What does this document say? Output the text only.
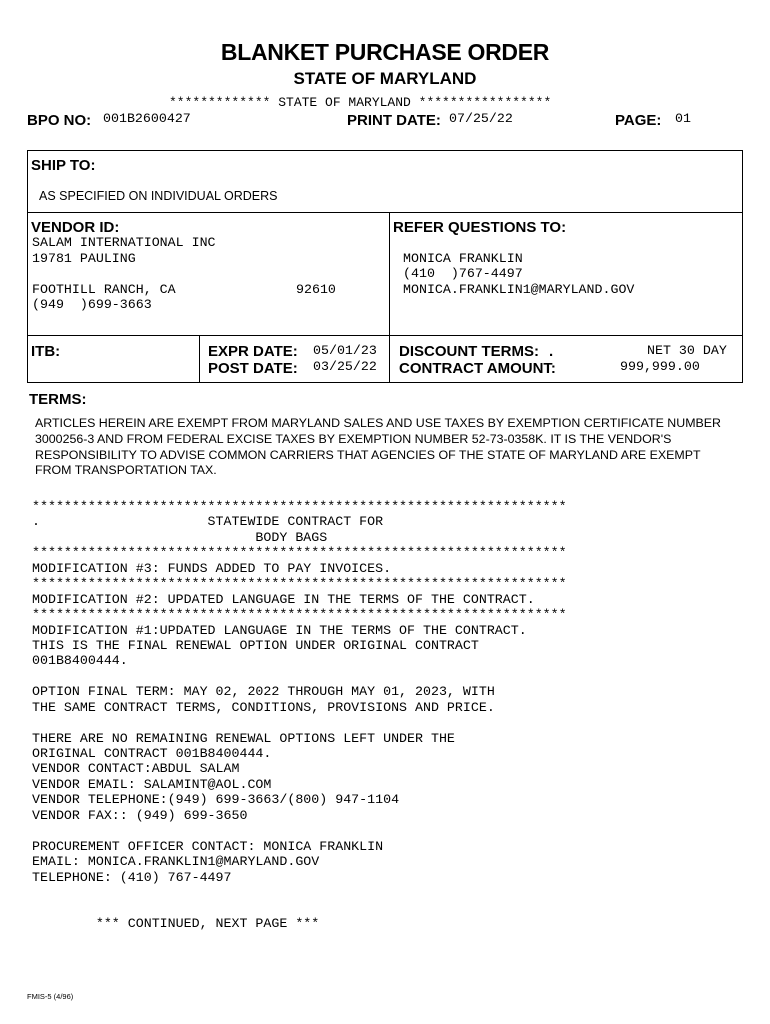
BLANKET PURCHASE ORDER
STATE OF MARYLAND
************* STATE OF MARYLAND *****************
BPO NO: 001B2600427	PRINT DATE: 07/25/22	PAGE: 01
SHIP TO:
AS SPECIFIED ON INDIVIDUAL ORDERS
VENDOR ID:
SALAM INTERNATIONAL INC
19781 PAULING
FOOTHILL RANCH, CA	92610
(949  )699-3663
REFER QUESTIONS TO:
MONICA FRANKLIN
(410  )767-4497
MONICA.FRANKLIN1@MARYLAND.GOV
ITB:	EXPR DATE: 05/01/23
POST DATE: 03/25/22
DISCOUNT TERMS: .	NET 30 DAY
CONTRACT AMOUNT:	999,999.00
TERMS:
ARTICLES HEREIN ARE EXEMPT FROM MARYLAND SALES AND USE TAXES BY EXEMPTION CERTIFICATE NUMBER 3000256-3 AND FROM FEDERAL EXCISE TAXES BY EXEMPTION NUMBER 52-73-0358K. IT IS THE VENDOR'S RESPONSIBILITY TO ADVISE COMMON CARRIERS THAT AGENCIES OF THE STATE OF MARYLAND ARE EXEMPT FROM TRANSPORTATION TAX.
*******************************************************************
.                     STATEWIDE CONTRACT FOR
BODY BAGS
*******************************************************************
MODIFICATION #3: FUNDS ADDED TO PAY INVOICES.
*******************************************************************
MODIFICATION #2: UPDATED LANGUAGE IN THE TERMS OF THE CONTRACT.
*******************************************************************
MODIFICATION #1:UPDATED LANGUAGE IN THE TERMS OF THE CONTRACT.
THIS IS THE FINAL RENEWAL OPTION UNDER ORIGINAL CONTRACT
001B8400444.
OPTION FINAL TERM: MAY 02, 2022 THROUGH MAY 01, 2023, WITH
THE SAME CONTRACT TERMS, CONDITIONS, PROVISIONS AND PRICE.
THERE ARE NO REMAINING RENEWAL OPTIONS LEFT UNDER THE
ORIGINAL CONTRACT 001B8400444.
VENDOR CONTACT:ABDUL SALAM
VENDOR EMAIL: SALAMINT@AOL.COM
VENDOR TELEPHONE:(949) 699-3663/(800) 947-1104
VENDOR FAX:: (949) 699-3650
PROCUREMENT OFFICER CONTACT: MONICA FRANKLIN
EMAIL: MONICA.FRANKLIN1@MARYLAND.GOV
TELEPHONE: (410) 767-4497
*** CONTINUED, NEXT PAGE ***
FMIS-5 (4/96)
